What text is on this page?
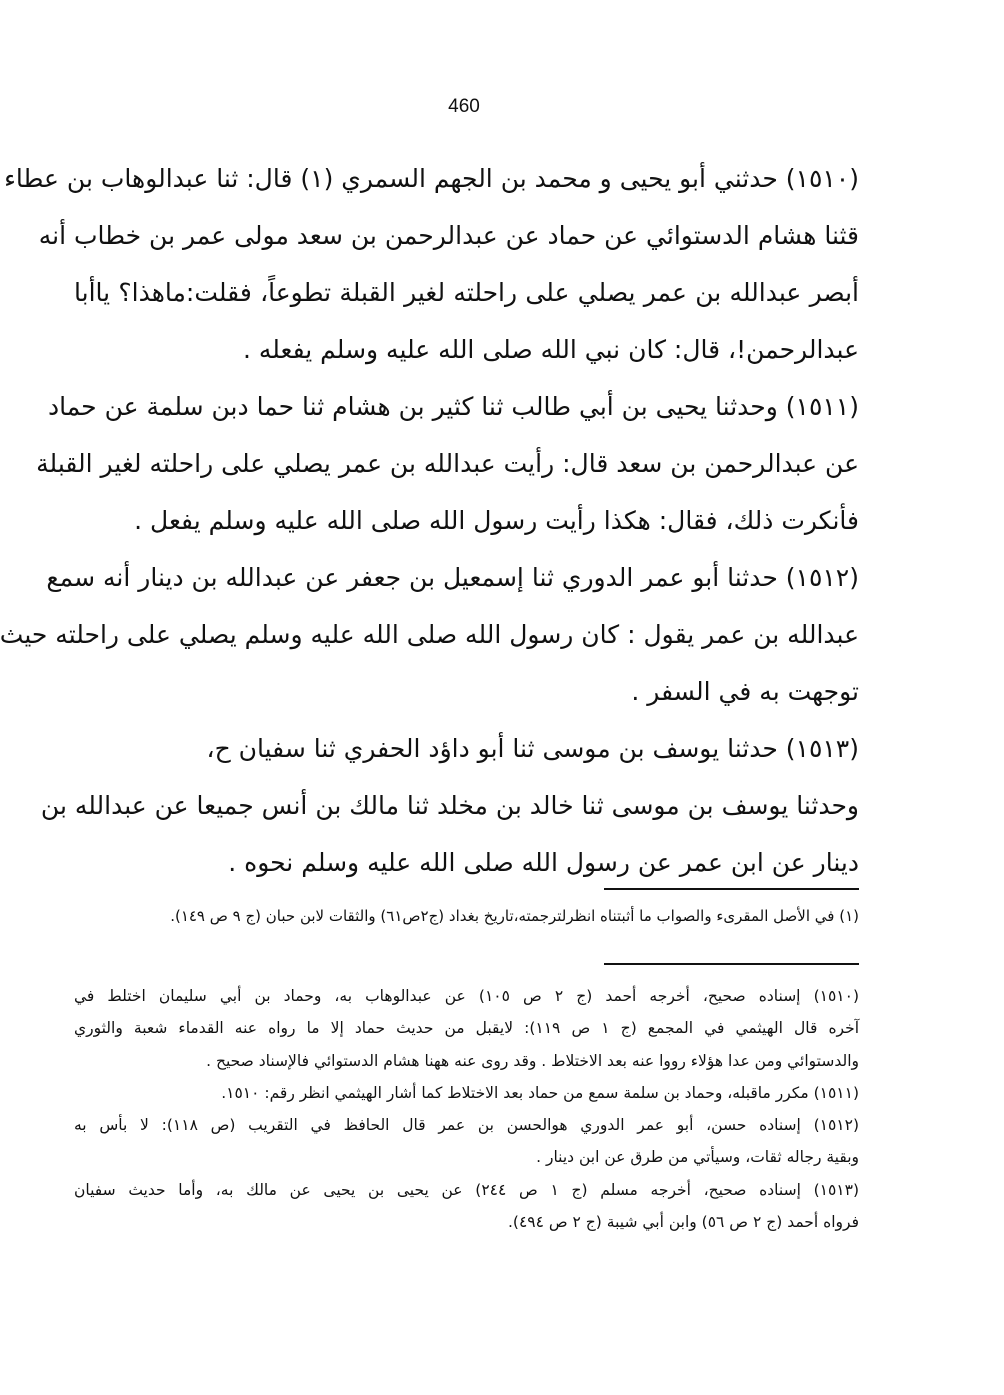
460
(١٥١٠) حدثني أبو يحيى و محمد بن الجهم السمري (١) قال: ثنا عبدالوهاب بن عطاء
قثنا هشام الدستوائي عن حماد عن عبدالرحمن بن سعد مولى عمر بن خطاب أنه
أبصر عبدالله بن عمر يصلي على راحلته لغير القبلة تطوعاً، فقلت:ماهذا؟ ياأبا
عبدالرحمن!، قال: كان نبي الله صلى الله عليه وسلم يفعله .
(١٥١١) وحدثنا يحيى بن أبي طالب ثنا كثير بن هشام ثنا حما دبن سلمة عن حماد
عن عبدالرحمن بن سعد قال: رأيت عبدالله بن عمر يصلي على راحلته لغير القبلة
فأنكرت ذلك، فقال: هكذا رأيت رسول الله صلى الله عليه وسلم يفعل .
(١٥١٢) حدثنا أبو عمر الدوري ثنا إسمعيل بن جعفر عن عبدالله بن دينار أنه سمع
عبدالله بن عمر يقول : كان رسول الله صلى الله عليه وسلم يصلي على راحلته حيث
توجهت به في السفر .
(١٥١٣) حدثنا يوسف بن موسى ثنا أبو داؤد الحفري ثنا سفيان ح،
وحدثنا يوسف بن موسى ثنا خالد بن مخلد ثنا مالك بن أنس جميعا عن عبدالله بن
دينار عن ابن عمر عن رسول الله صلى الله عليه وسلم نحوه .
(١) في الأصل المقرىء والصواب ما أثبتناه انظرلترجمته،تاريخ بغداد (ج٢ص٦١) والثقات لابن حبان (ج ٩ ص ١٤٩).
(١٥١٠) إسناده صحيح، أخرجه أحمد (ج ٢ ص ١٠٥) عن عبدالوهاب به، وحماد بن أبي سليمان اختلط في
آخره قال الهيثمي في المجمع (ج ١ ص ١١٩): لايقبل من حديث حماد إلا ما رواه عنه القدماء شعبة والثوري
والدستوائي ومن عدا هؤلاء رووا عنه بعد الاختلاط . وقد روى عنه ههنا هشام الدستوائي فالإسناد صحيح .
(١٥١١) مكرر ماقبله، وحماد بن سلمة سمع من حماد بعد الاختلاط كما أشار الهيثمي انظر رقم: ١٥١٠.
(١٥١٢) إسناده حسن، أبو عمر الدوري هوالحسن بن عمر قال الحافظ في التقريب (ص ١١٨): لا بأس به
وبقية رجاله ثقات، وسيأتي من طرق عن ابن دينار .
(١٥١٣) إسناده صحيح، أخرجه مسلم (ج ١ ص ٢٤٤) عن يحيى بن يحيى عن مالك به، وأما حديث سفيان
فرواه أحمد (ج ٢ ص ٥٦) وابن أبي شيبة (ج ٢ ص ٤٩٤).
